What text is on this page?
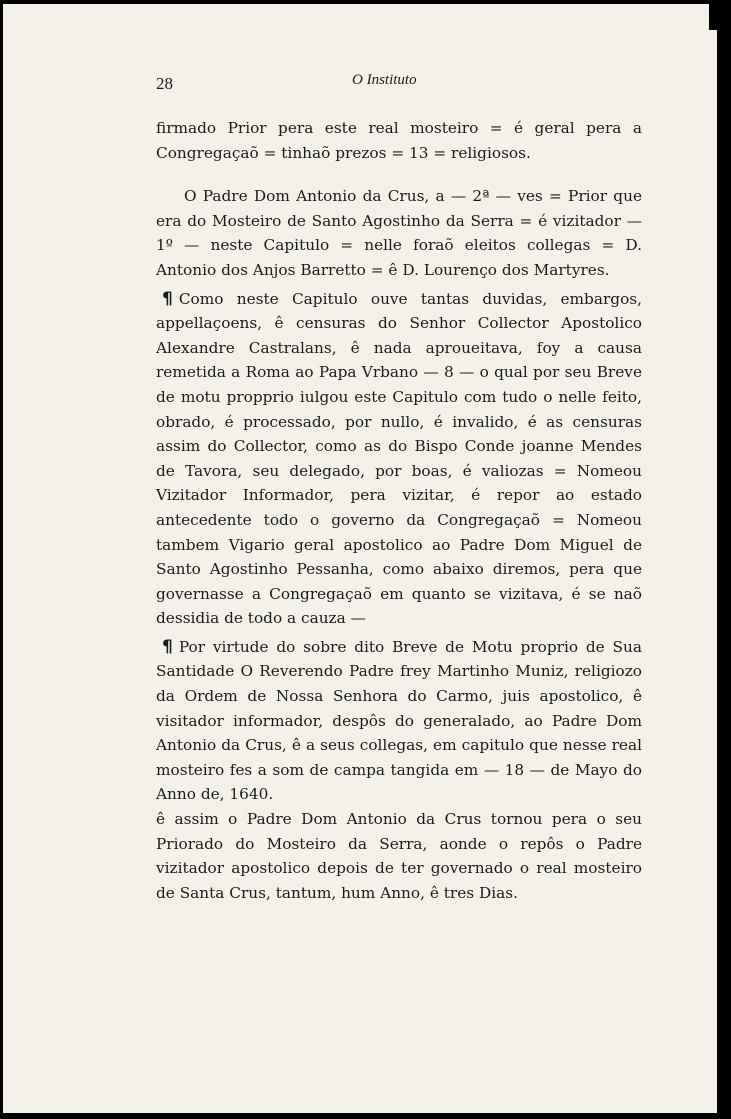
28	O Instituto

firmado Prior pera este real mosteiro = é geral pera a Congregaçaõ = tinhaõ prezos = 13 = religiosos.

O Padre Dom Antonio da Crus, a — 2ª — ves = Prior que era do Mosteiro de Santo Agostinho da Serra = é vizitador — 1º — neste Capitulo = nelle foraõ eleitos collegas = D. Antonio dos Anjos Barretto = ê D. Lourenço dos Martyres.

¶ Como neste Capitulo ouve tantas duvidas, embargos, appellaçoens, ê censuras do Senhor Collector Apostolico Alexandre Castralans, ê nada aproueitava, foy a causa remetida a Roma ao Papa Vrbano — 8 — o qual por seu Breve de motu propprio iulgou este Capitulo com tudo o nelle feito, obrado, é processado, por nullo, é invalido, é as censuras assim do Collector, como as do Bispo Conde joanne Mendes de Tavora, seu delegado, por boas, é valiozas = Nomeou Vizitador Informador, pera vizitar, é repor ao estado antecedente todo o governo da Congregaçaõ = Nomeou tambem Vigario geral apostolico ao Padre Dom Miguel de Santo Agostinho Pessanha, como abaixo diremos, pera que governasse a Congregaçaõ em quanto se vizitava, é se naõ dessidia de todo a cauza —

¶ Por virtude do sobre dito Breve de Motu proprio de Sua Santidade O Reverendo Padre frey Martinho Muniz, religiozo da Ordem de Nossa Senhora do Carmo, juis apostolico, ê visitador informador, despôs do generalado, ao Padre Dom Antonio da Crus, ê a seus collegas, em capitulo que nesse real mosteiro fes a som de campa tangida em — 18 — de Mayo do Anno de, 1640.

ê assim o Padre Dom Antonio da Crus tornou pera o seu Priorado do Mosteiro da Serra, aonde o repôs o Padre vizitador apostolico depois de ter governado o real mosteiro de Santa Crus, tantum, hum Anno, ê tres Dias.
